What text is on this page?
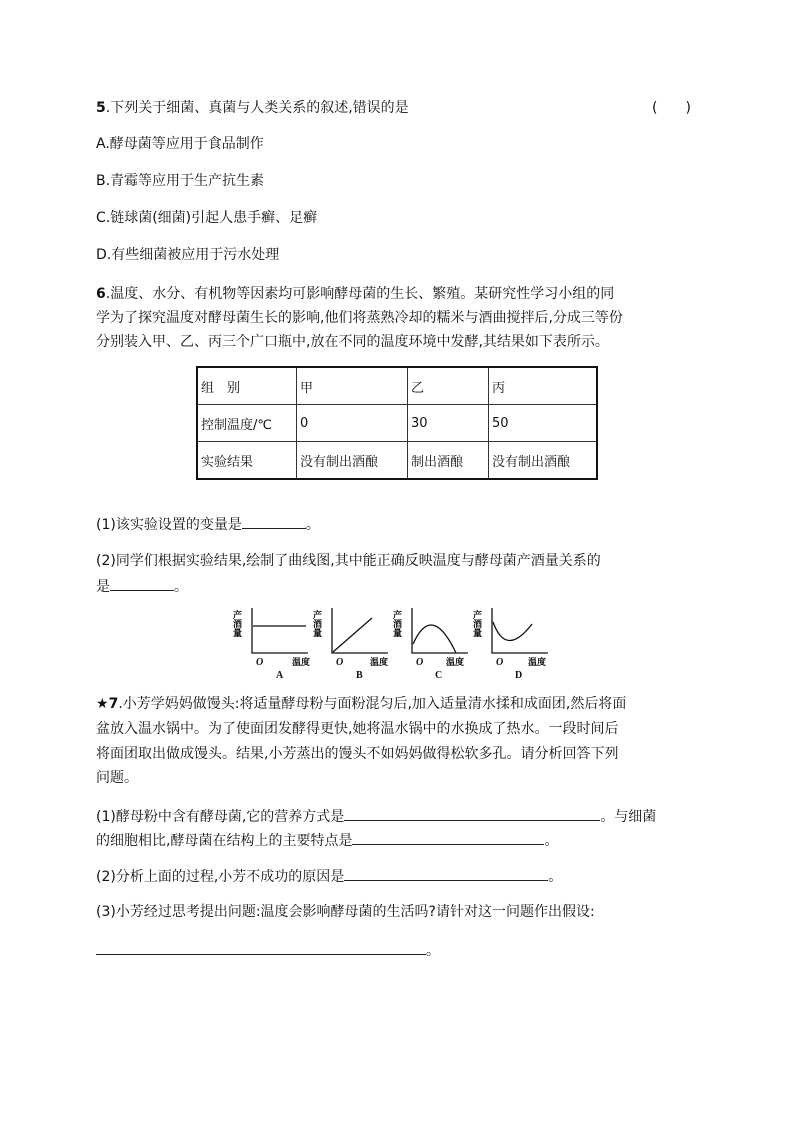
5.下列关于细菌、真菌与人类关系的叙述,错误的是	(　　)
A.酵母菌等应用于食品制作
B.青霉等应用于生产抗生素
C.链球菌(细菌)引起人患手癣、足癣
D.有些细菌被应用于污水处理
6.温度、水分、有机物等因素均可影响酵母菌的生长、繁殖。某研究性学习小组的同
学为了探究温度对酵母菌生长的影响,他们将蒸熟冷却的糯米与酒曲搅拌后,分成三等份
分别装入甲、乙、丙三个广口瓶中,放在不同的温度环境中发酵,其结果如下表所示。
组　别	甲	乙	丙
控制温度/℃	0	30	50
实验结果	没有制出酒酿	制出酒酿	没有制出酒酿
(1)该实验设置的变量是	。
(2)同学们根据实验结果,绘制了曲线图,其中能正确反映温度与酵母菌产酒量关系的
是	。
产酒量	产酒量	产酒量	产酒量
O	O	O	O
温度	温度	温度	温度
A	B	C	D
★7.小芳学妈妈做馒头:将适量酵母粉与面粉混匀后,加入适量清水揉和成面团,然后将面
盆放入温水锅中。为了使面团发酵得更快,她将温水锅中的水换成了热水。一段时间后
将面团取出做成馒头。结果,小芳蒸出的馒头不如妈妈做得松软多孔。请分析回答下列
问题。
(1)酵母粉中含有酵母菌,它的营养方式是	。与细菌
的细胞相比,酵母菌在结构上的主要特点是	。
(2)分析上面的过程,小芳不成功的原因是	。
(3)小芳经过思考提出问题:温度会影响酵母菌的生活吗?请针对这一问题作出假设:
。
